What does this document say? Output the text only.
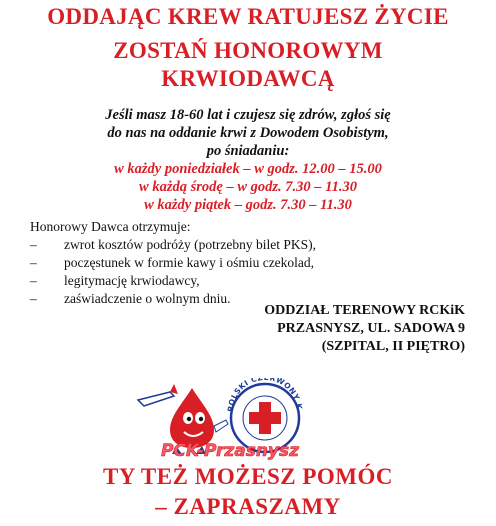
ODDAJĄC KREW RATUJESZ ŻYCIE
ZOSTAŃ HONOROWYM
KRWIODAWCĄ
Jeśli masz 18-60 lat i czujesz się zdrów, zgłoś się
do nas na oddanie krwi z Dowodem Osobistym,
po śniadaniu:
w każdy poniedziałek – w godz. 12.00 – 15.00
w każdą środę – w godz. 7.30 – 11.30
w każdy piątek – godz. 7.30 – 11.30
Honorowy Dawca otrzymuje:
–	zwrot kosztów podróży (potrzebny bilet PKS),
–	poczęstunek w formie kawy i ośmiu czekolad,
–	legitymację krwiodawcy,
–	zaświadczenie o wolnym dniu.
ODDZIAŁ TERENOWY RCKiK
PRZASNYSZ, UL. SADOWA 9
(SZPITAL, II PIĘTRO)
POLSKI C RWONY K
PCK-Przasnysz
TY TEŻ MOŻESZ POMÓC
– ZAPRASZAMY
